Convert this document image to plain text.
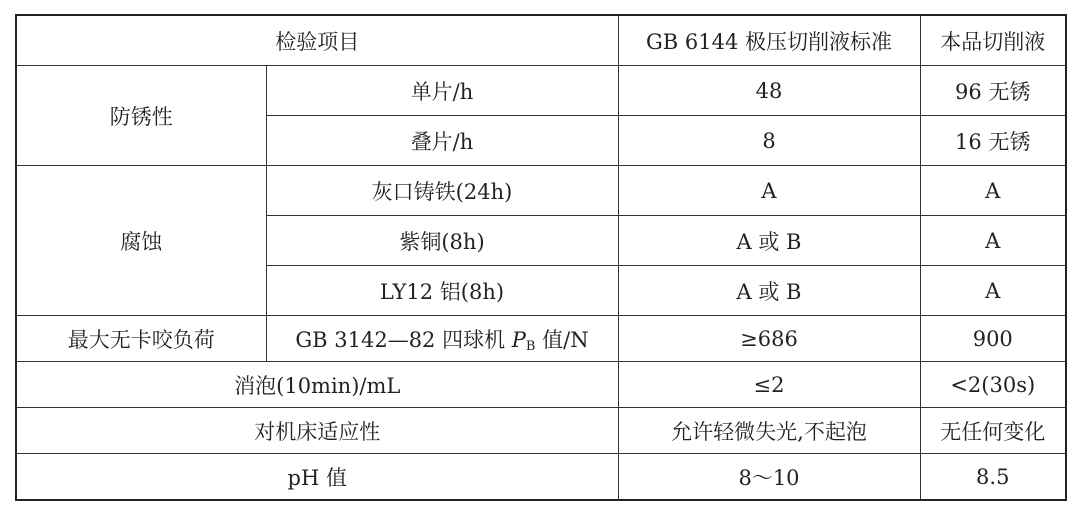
检验项目		GB 6144 极压切削液标准	本品切削液
防锈性	单片/h	48	96 无锈
	叠片/h	8	16 无锈
腐蚀	灰口铸铁(24h)	A	A
	紫铜(8h)	A 或 B	A
	LY12 铝(8h)	A 或 B	A
最大无卡咬负荷	GB 3142—82 四球机 $P_B$ 值/N	≥686	900
消泡(10min)/mL		≤2	<2(30s)
对机床适应性		允许轻微失光,不起泡	无任何变化
pH 值		8～10	8.5
